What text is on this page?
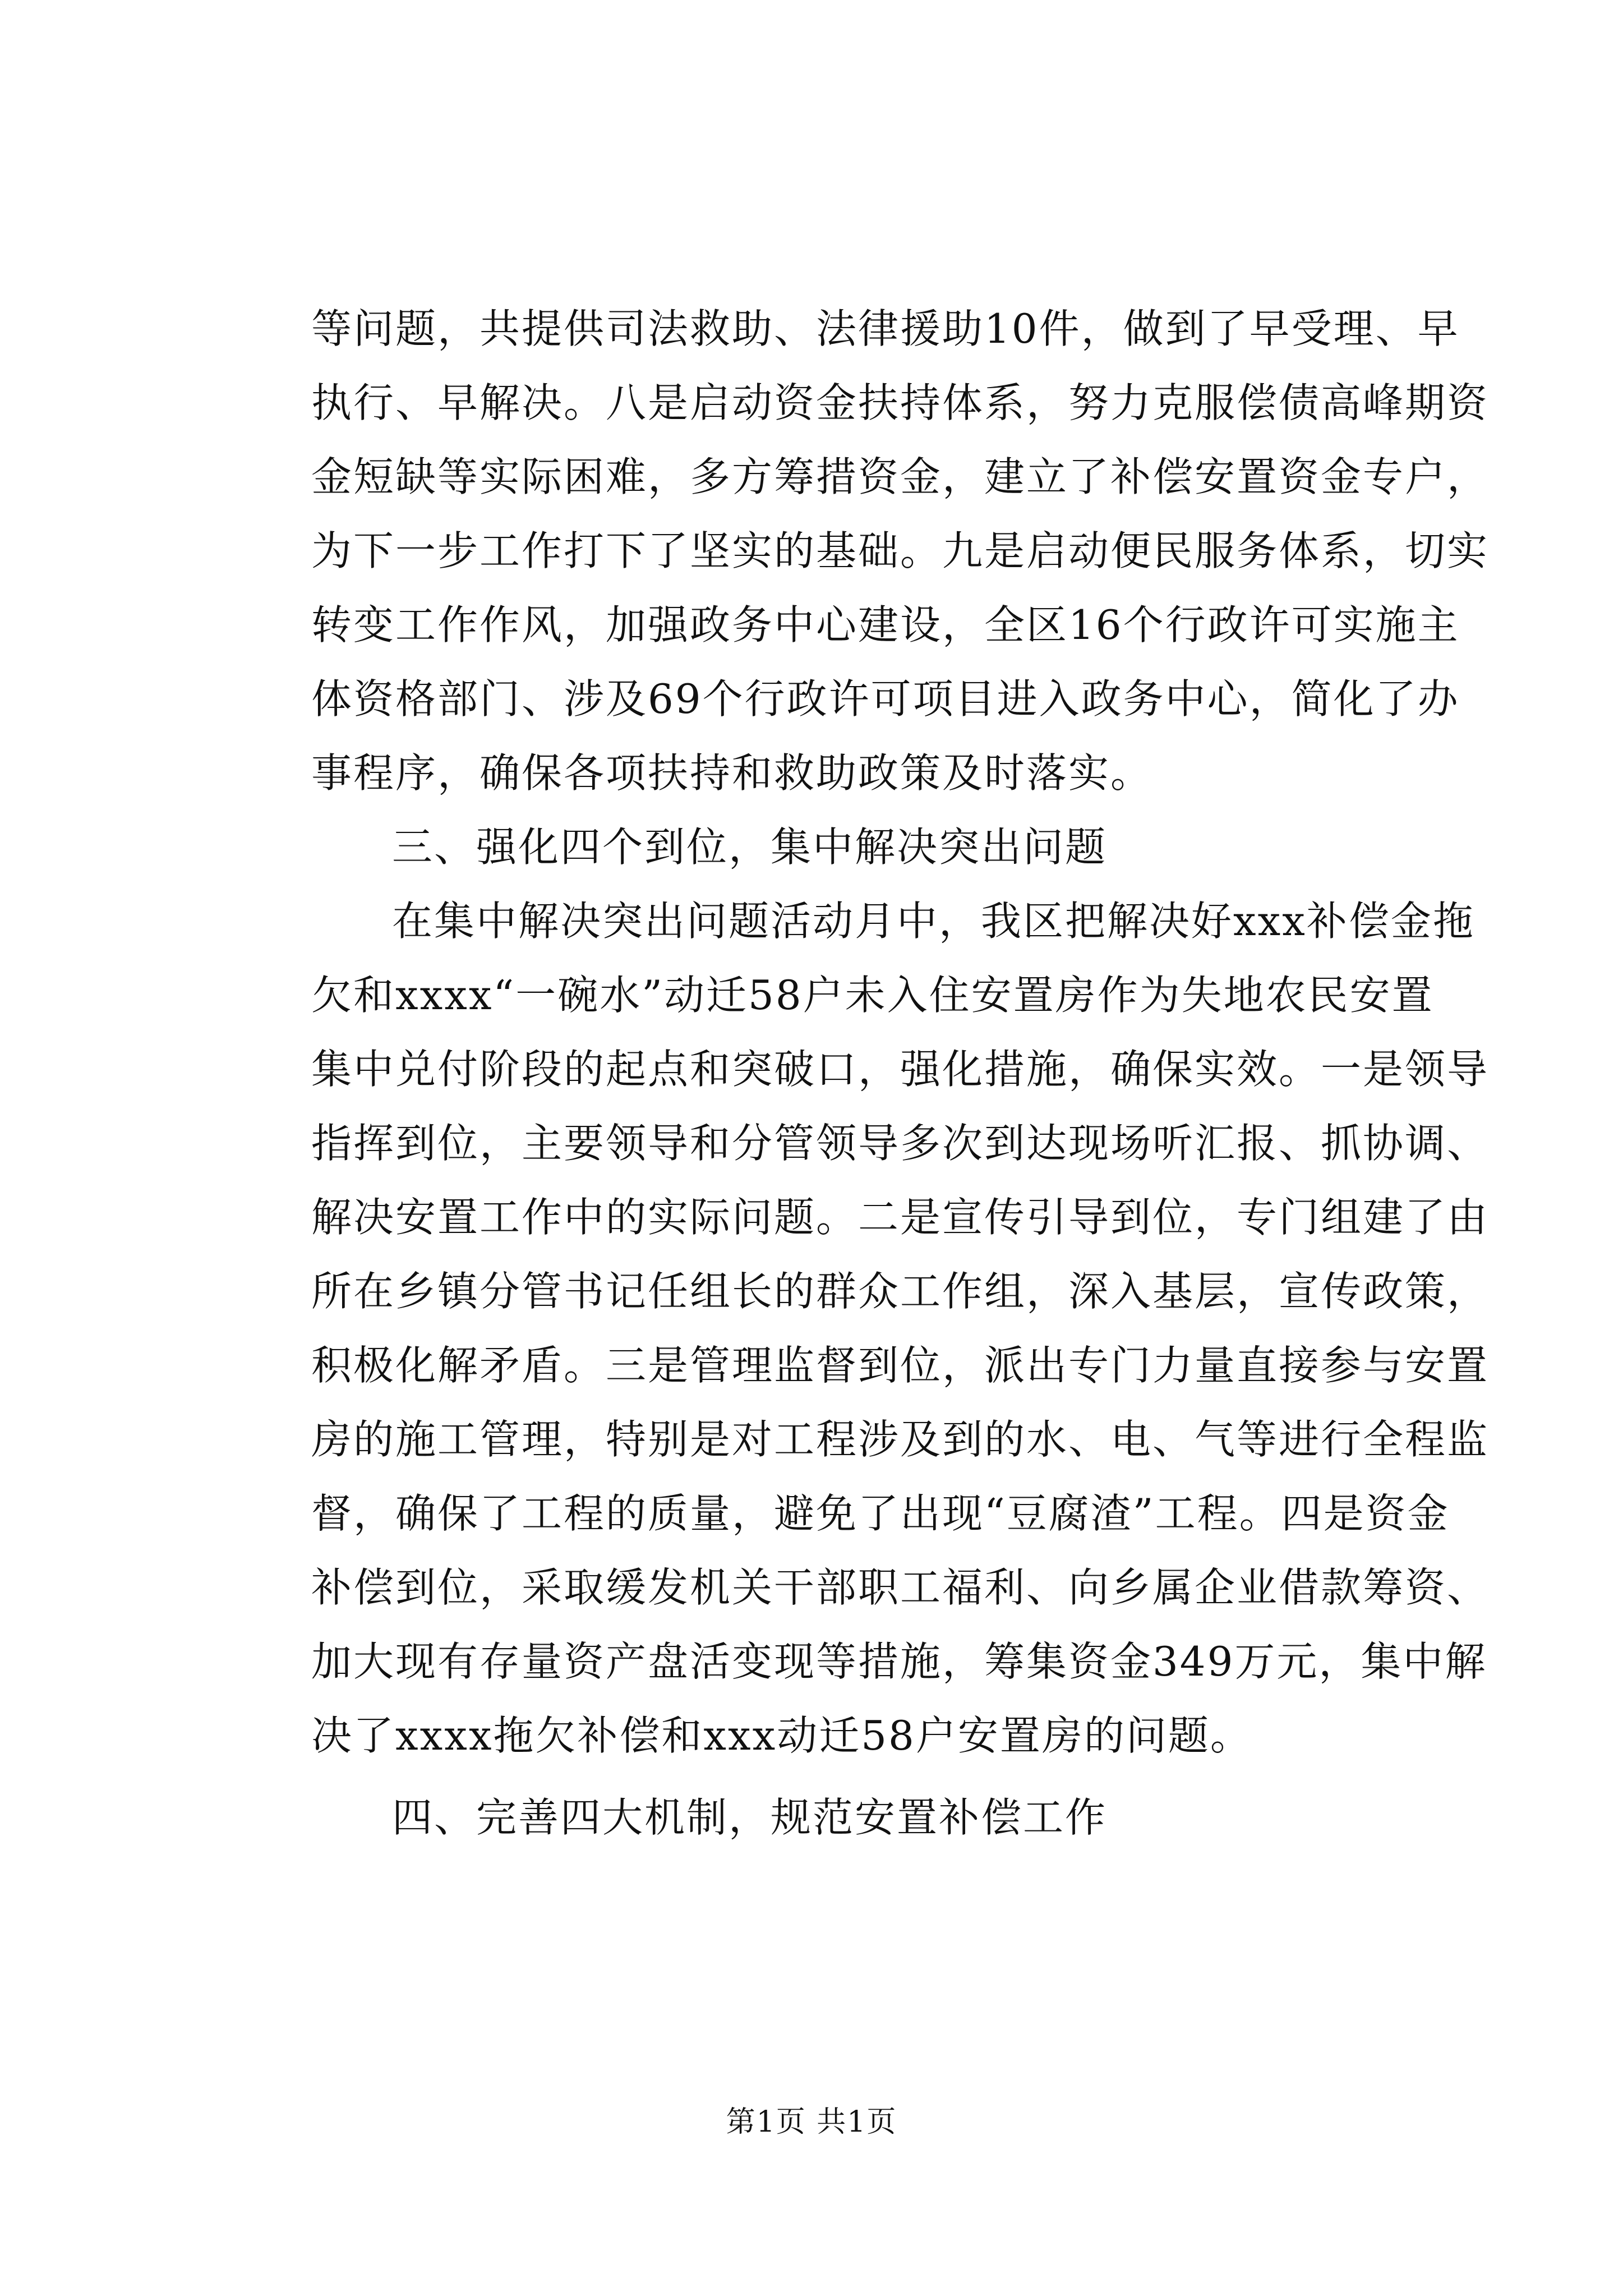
等问题，共提供司法救助、法律援助10件，做到了早受理、早
执行、早解决。八是启动资金扶持体系，努力克服偿债高峰期资
金短缺等实际困难，多方筹措资金，建立了补偿安置资金专户，
为下一步工作打下了坚实的基础。九是启动便民服务体系，切实
转变工作作风，加强政务中心建设，全区16个行政许可实施主
体资格部门、涉及69个行政许可项目进入政务中心，简化了办
事程序，确保各项扶持和救助政策及时落实。
三、强化四个到位，集中解决突出问题
在集中解决突出问题活动月中，我区把解决好xxx补偿金拖
欠和xxxx“一碗水”动迁58户未入住安置房作为失地农民安置
集中兑付阶段的起点和突破口，强化措施，确保实效。一是领导
指挥到位，主要领导和分管领导多次到达现场听汇报、抓协调、
解决安置工作中的实际问题。二是宣传引导到位，专门组建了由
所在乡镇分管书记任组长的群众工作组，深入基层，宣传政策，
积极化解矛盾。三是管理监督到位，派出专门力量直接参与安置
房的施工管理，特别是对工程涉及到的水、电、气等进行全程监
督，确保了工程的质量，避免了出现“豆腐渣”工程。四是资金
补偿到位，采取缓发机关干部职工福利、向乡属企业借款筹资、
加大现有存量资产盘活变现等措施，筹集资金349万元，集中解
决了xxxx拖欠补偿和xxx动迁58户安置房的问题。
四、完善四大机制，规范安置补偿工作
第1页 共1页
